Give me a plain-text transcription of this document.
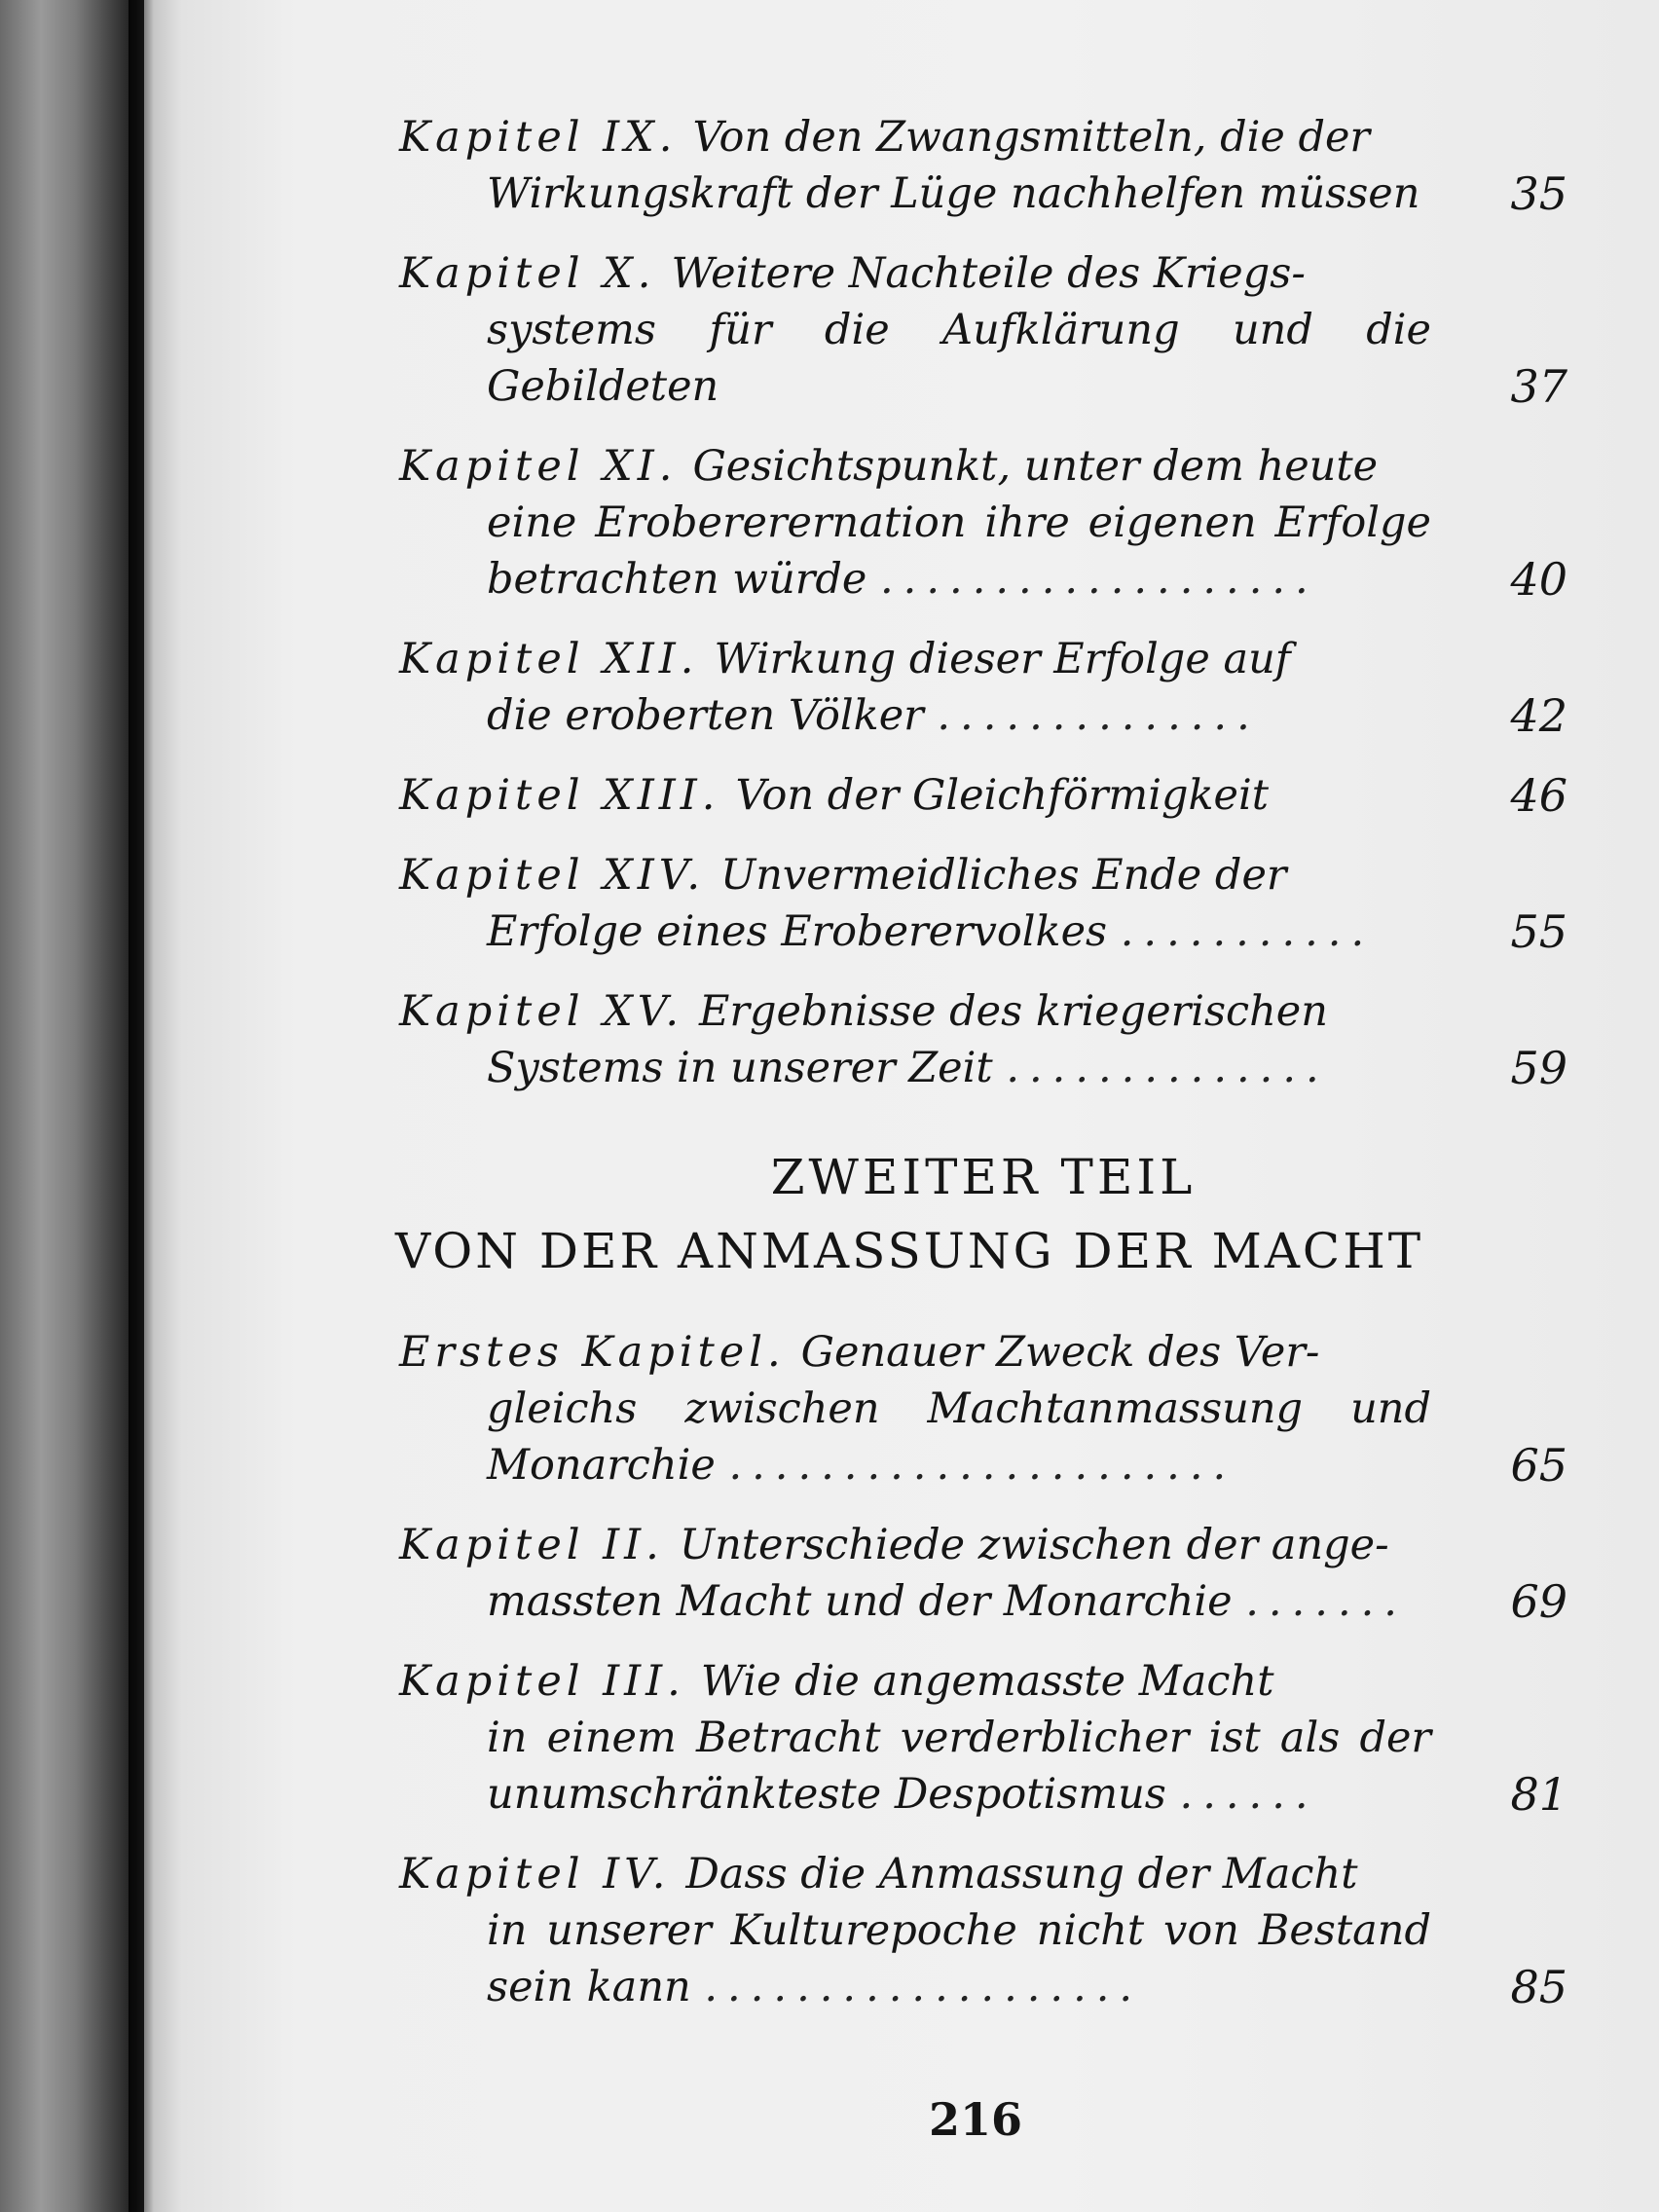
Kapitel IX. Von den Zwangsmitteln, die der
Wirkungskraft der Lüge nachhelfen müssen	35
Kapitel X. Weitere Nachteile des Kriegs-
systems für die Aufklärung und die Gebildeten	37
Kapitel XI. Gesichtspunkt, unter dem heute
eine Erobererernation ihre eigenen Erfolge betrachten würde ...................	40
Kapitel XII. Wirkung dieser Erfolge auf
die eroberten Völker ..............	42
Kapitel XIII. Von der Gleichförmigkeit	46
Kapitel XIV. Unvermeidliches Ende der
Erfolge eines Eroberervolkes ...........	55
Kapitel XV. Ergebnisse des kriegerischen
Systems in unserer Zeit ..............	59
ZWEITER TEIL
VON DER ANMASSUNG DER MACHT
Erstes Kapitel. Genauer Zweck des Ver-
gleichs zwischen Machtanmassung und Monarchie ......................	65
Kapitel II. Unterschiede zwischen der ange-
massten Macht und der Monarchie .......	69
Kapitel III. Wie die angemasste Macht
in einem Betracht verderblicher ist als der unumschränkteste Despotismus ......	81
Kapitel IV. Dass die Anmassung der Macht
in unserer Kulturepoche nicht von Bestand sein kann ...................	85
216
